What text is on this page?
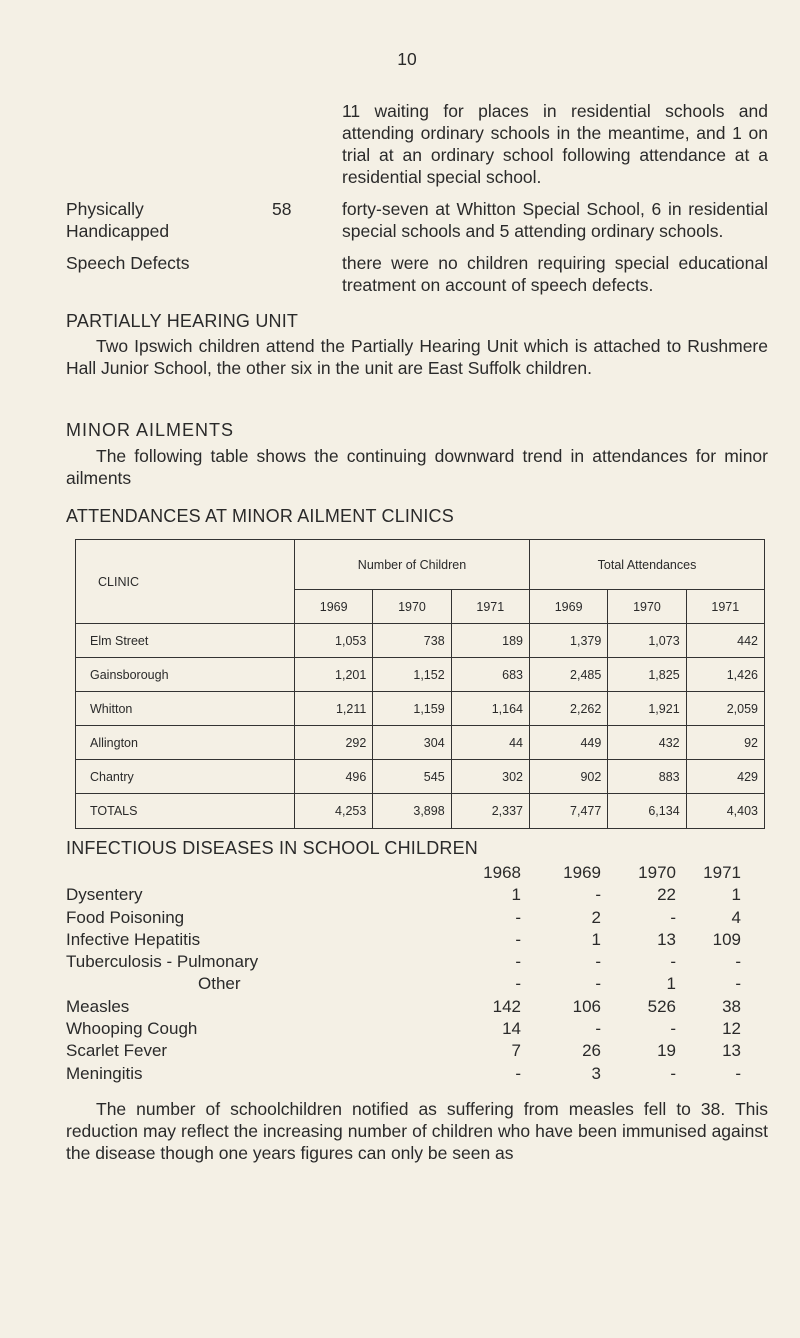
10
11 waiting for places in residential schools and attending ordinary schools in the meantime, and 1 on trial at an ordinary school following attendance at a residential special school.
Physically
Handicapped
58	forty-seven at Whitton Special School, 6 in residential special schools and 5 attending ordinary schools.
Speech Defects	there were no children requiring special educational treatment on account of speech defects.
PARTIALLY HEARING UNIT
Two Ipswich children attend the Partially Hearing Unit which is attached to Rushmere Hall Junior School, the other six in the unit are East Suffolk children.
MINOR AILMENTS
The following table shows the continuing downward trend in attendances for minor ailments
ATTENDANCES AT MINOR AILMENT CLINICS
CLINIC	Number of Children			Total Attendances		
	1969	1970	1971	1969	1970	1971
Elm Street	1,053	738	189	1,379	1,073	442
Gainsborough	1,201	1,152	683	2,485	1,825	1,426
Whitton	1,211	1,159	1,164	2,262	1,921	2,059
Allington	292	304	44	449	432	92
Chantry	496	545	302	902	883	429
TOTALS	4,253	3,898	2,337	7,477	6,134	4,403
INFECTIOUS DISEASES IN SCHOOL CHILDREN
1968	1969	1970	1971
Dysentery	1	-	22	1
Food Poisoning	-	2	-	4
Infective Hepatitis	-	1	13	109
Tuberculosis - Pulmonary	-	-	-	-
Other	-	-	1	-
Measles	142	106	526	38
Whooping Cough	14	-	-	12
Scarlet Fever	7	26	19	13
Meningitis	-	3	-	-
The number of schoolchildren notified as suffering from measles fell to 38. This reduction may reflect the increasing number of children who have been immunised against the disease though one years figures can only be seen as
